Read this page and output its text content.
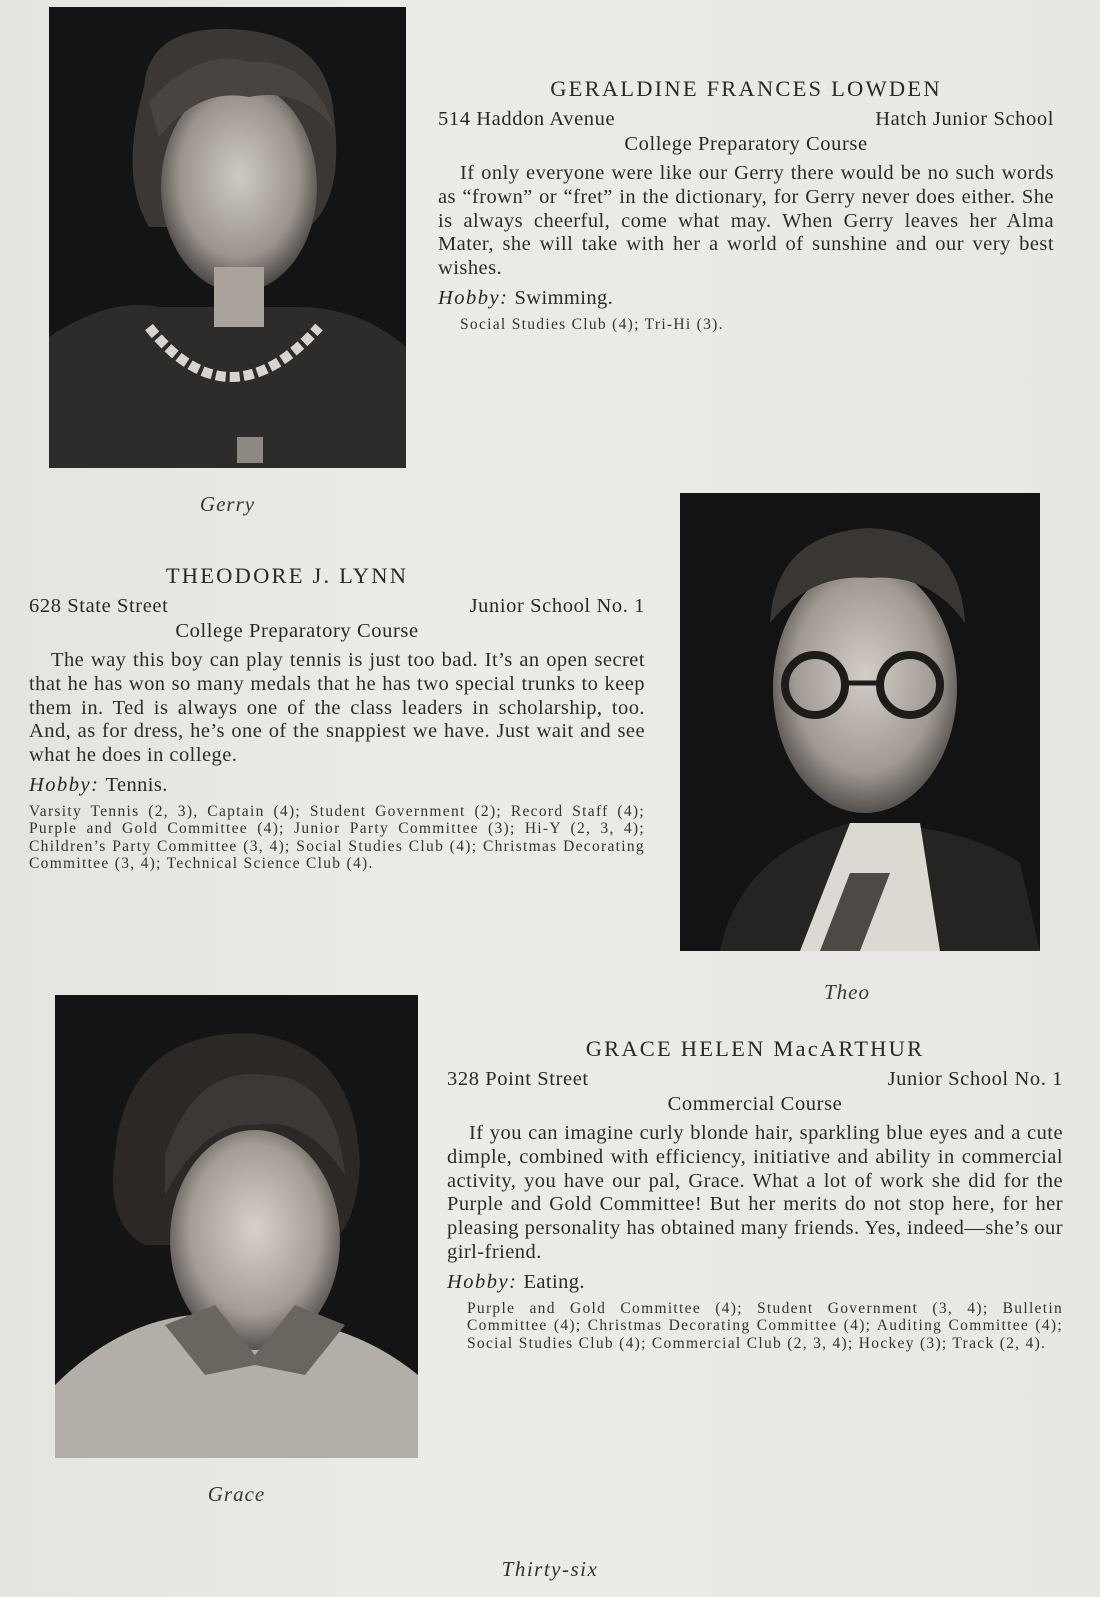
Gerry
GERALDINE FRANCES LOWDEN
514 Haddon Avenue	Hatch Junior School
College Preparatory Course
If only everyone were like our Gerry there would be no such words as “frown” or “fret” in the dictionary, for Gerry never does either. She is always cheerful, come what may. When Gerry leaves her Alma Mater, she will take with her a world of sunshine and our very best wishes.
Hobby: Swimming.
Social Studies Club (4); Tri-Hi (3).
THEODORE J. LYNN
628 State Street	Junior School No. 1
College Preparatory Course
The way this boy can play tennis is just too bad. It’s an open secret that he has won so many medals that he has two special trunks to keep them in. Ted is always one of the class leaders in scholarship, too. And, as for dress, he’s one of the snappiest we have. Just wait and see what he does in college.
Hobby: Tennis.
Varsity Tennis (2, 3), Captain (4); Student Government (2); Record Staff (4); Purple and Gold Committee (4); Junior Party Committee (3); Hi-Y (2, 3, 4); Children’s Party Committee (3, 4); Social Studies Club (4); Christmas Decorating Committee (3, 4); Technical Science Club (4).
Theo
Grace
GRACE HELEN MacARTHUR
328 Point Street	Junior School No. 1
Commercial Course
If you can imagine curly blonde hair, sparkling blue eyes and a cute dimple, combined with efficiency, initiative and ability in commercial activity, you have our pal, Grace. What a lot of work she did for the Purple and Gold Committee! But her merits do not stop here, for her pleasing personality has obtained many friends. Yes, indeed—she’s our girl-friend.
Hobby: Eating.
Purple and Gold Committee (4); Student Government (3, 4); Bulletin Committee (4); Christmas Decorating Committee (4); Auditing Committee (4); Social Studies Club (4); Commercial Club (2, 3, 4); Hockey (3); Track (2, 4).
Thirty-six
